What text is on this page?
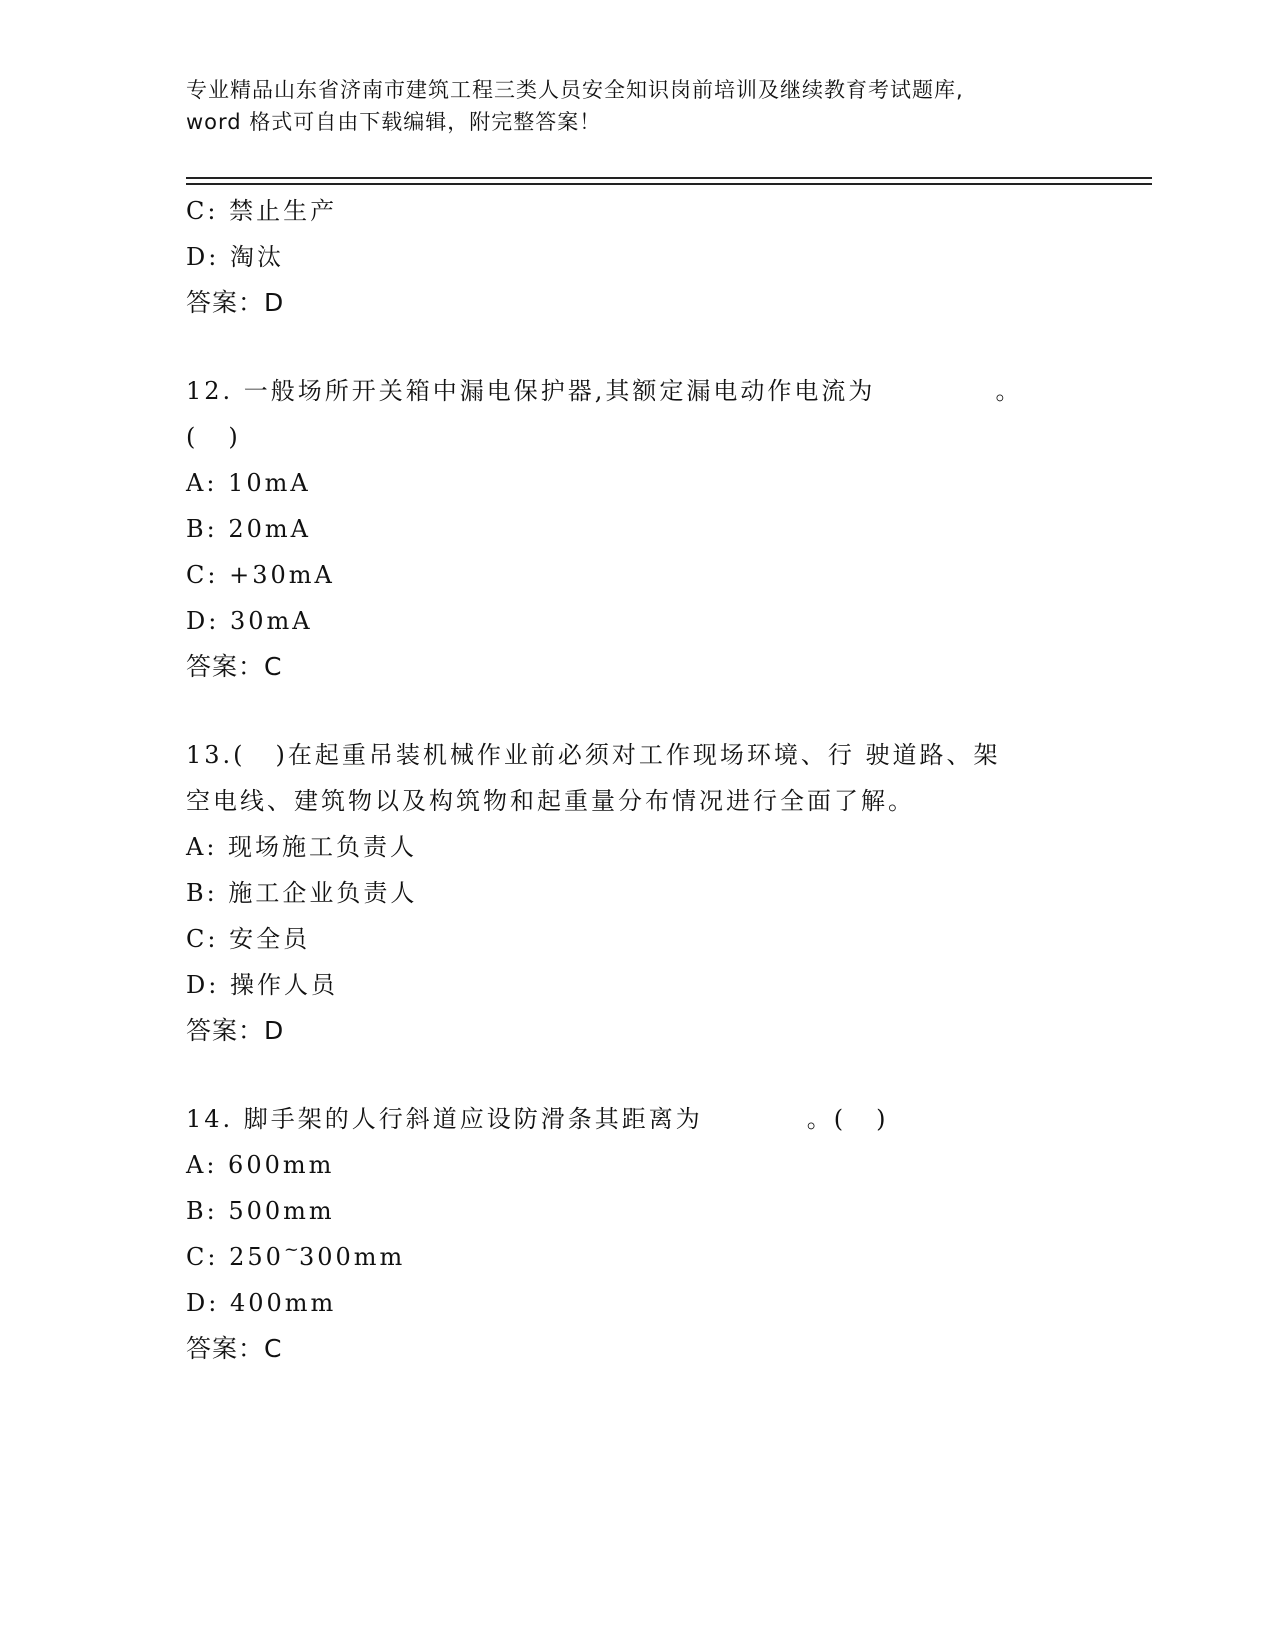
专业精品山东省济南市建筑工程三类人员安全知识岗前培训及继续教育考试题库,
word 格式可自由下载编辑，附完整答案！
C: 禁止生产
D: 淘汰
答案：D
12. 一般场所开关箱中漏电保护器,其额定漏电动作电流为	。
( )
A: 10mA
B: 20mA
C: +30mA
D: 30mA
答案：C
13.( )在起重吊装机械作业前必须对工作现场环境、行 驶道路、架
空电线、建筑物以及构筑物和起重量分布情况进行全面了解。
A: 现场施工负责人
B: 施工企业负责人
C: 安全员
D: 操作人员
答案：D
14. 脚手架的人行斜道应设防滑条其距离为	。( )
A: 600mm
B: 500mm
C: 250~300mm
D: 400mm
答案：C
